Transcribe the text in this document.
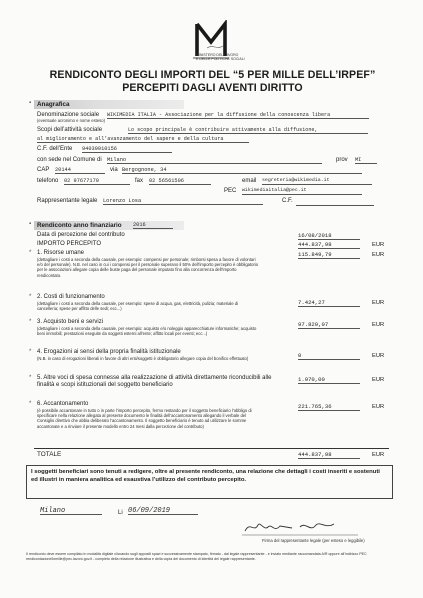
MINISTERO DEL LAVORO
E DELLE POLITICHE SOCIALI
RENDICONTO DEGLI IMPORTI DEL “5 PER MILLE DELL’IRPEF”
PERCEPITI DAGLI AVENTI DIRITTO
▪ Anagrafica
Denominazione sociale
(eventuale acronimo e nome esteso)
WIKIMEDIA ITALIA - Associazione per la diffusione della conoscenza libera
Scopi dell’attività sociale	Lo scopo principale è contribuire attivamente alla diffusione,
al miglioramento e all’avanzamento del sapere e della cultura
C.F. dell’Ente 94039910156
con sede nel Comune di Milano	prov MI
CAP 20144	via Bergognone, 34
telefono 02 97677170	fax 02 56561506	email segreteria@wikimedia.it
PEC wikimediaitalia@pec.it
Rappresentante legale Lorenzo Losa	C.F.
▪ Rendiconto anno finanziario 2016
Data di percezione del contributo	16/08/2018
IMPORTO PERCEPITO	444.837,98	EUR
* 1. Risorse umane
(dettagliare i costi a seconda della causale, per esempio: compensi per personale; rimborsi spesa a favore di volontari e/o del personale). N.B. nel caso in cui i compensi per il personale superano il 50% dell’importo percepito è obbligatorio per le associazioni allegare copia delle buste paga del personale imputato fino alla concorrenza dell’importo rendicontato.
115.849,79	EUR
* 2. Costi di funzionamento
(dettagliare i costi a seconda della causale, per esempio: spese di acqua, gas, elettricità, pulizia; materiale di cancelleria; spese per affitto delle sedi; ecc...)
7.424,27	EUR
* 3. Acquisto beni e servizi
(dettagliare i costi a seconda della causale, per esempio: acquisto e/o noleggio apparecchiature informatiche; acquisto beni immobili; prestazioni eseguite da soggetti esterni all’ente; affitto locali per eventi; ecc...)
97.829,07	EUR
* 4. Erogazioni ai sensi della propria finalità istituzionale
(N.B. in caso di erogazioni liberali in favore di altri enti/soggetti è obbligatorio allegare copia del bonifico effettuato)	0	EUR
* 5. Altre voci di spesa connesse alla realizzazione di attività direttamente riconducibili alle finalità e scopi istituzionali del soggetto beneficiario
1.970,00	EUR
* 6. Accantonamento
(è possibile accantonare in tutto o in parte l’importo percepito, fermo restando per il soggetto beneficiario l’obbligo di specificare nella relazione allegata al presente documento le finalità dell’accantonamento allegando il verbale del Consiglio direttivo che abbia deliberato l’accantonamento. Il soggetto beneficiario è tenuto ad utilizzare le somme accantonate e a rinviare il presente modello entro 24 mesi dalla percezione del contributo)
221.765,36	EUR
TOTALE	444.837,98	EUR
I soggetti beneficiari sono tenuti a redigere, oltre al presente rendiconto, una relazione che dettagli i costi inseriti e sostenuti ed illustri in maniera analitica ed esaustiva l’utilizzo del contributo percepito.
Milano	Li 06/09/2019
Firma del rappresentante legale (per esteso e leggibile)
Il rendiconto deve essere compilato in modalità digitale cliccando sugli appositi spazi e successivamente stampato, firmato - dal legale rappresentante - e inviato mediante raccomandata A/R oppure all’indirizzo PEC rendicontazione5xmille@pec.lavoro.gov.it - completo della relazione illustrativa e della copia del documento di identità del legale rappresentante.
